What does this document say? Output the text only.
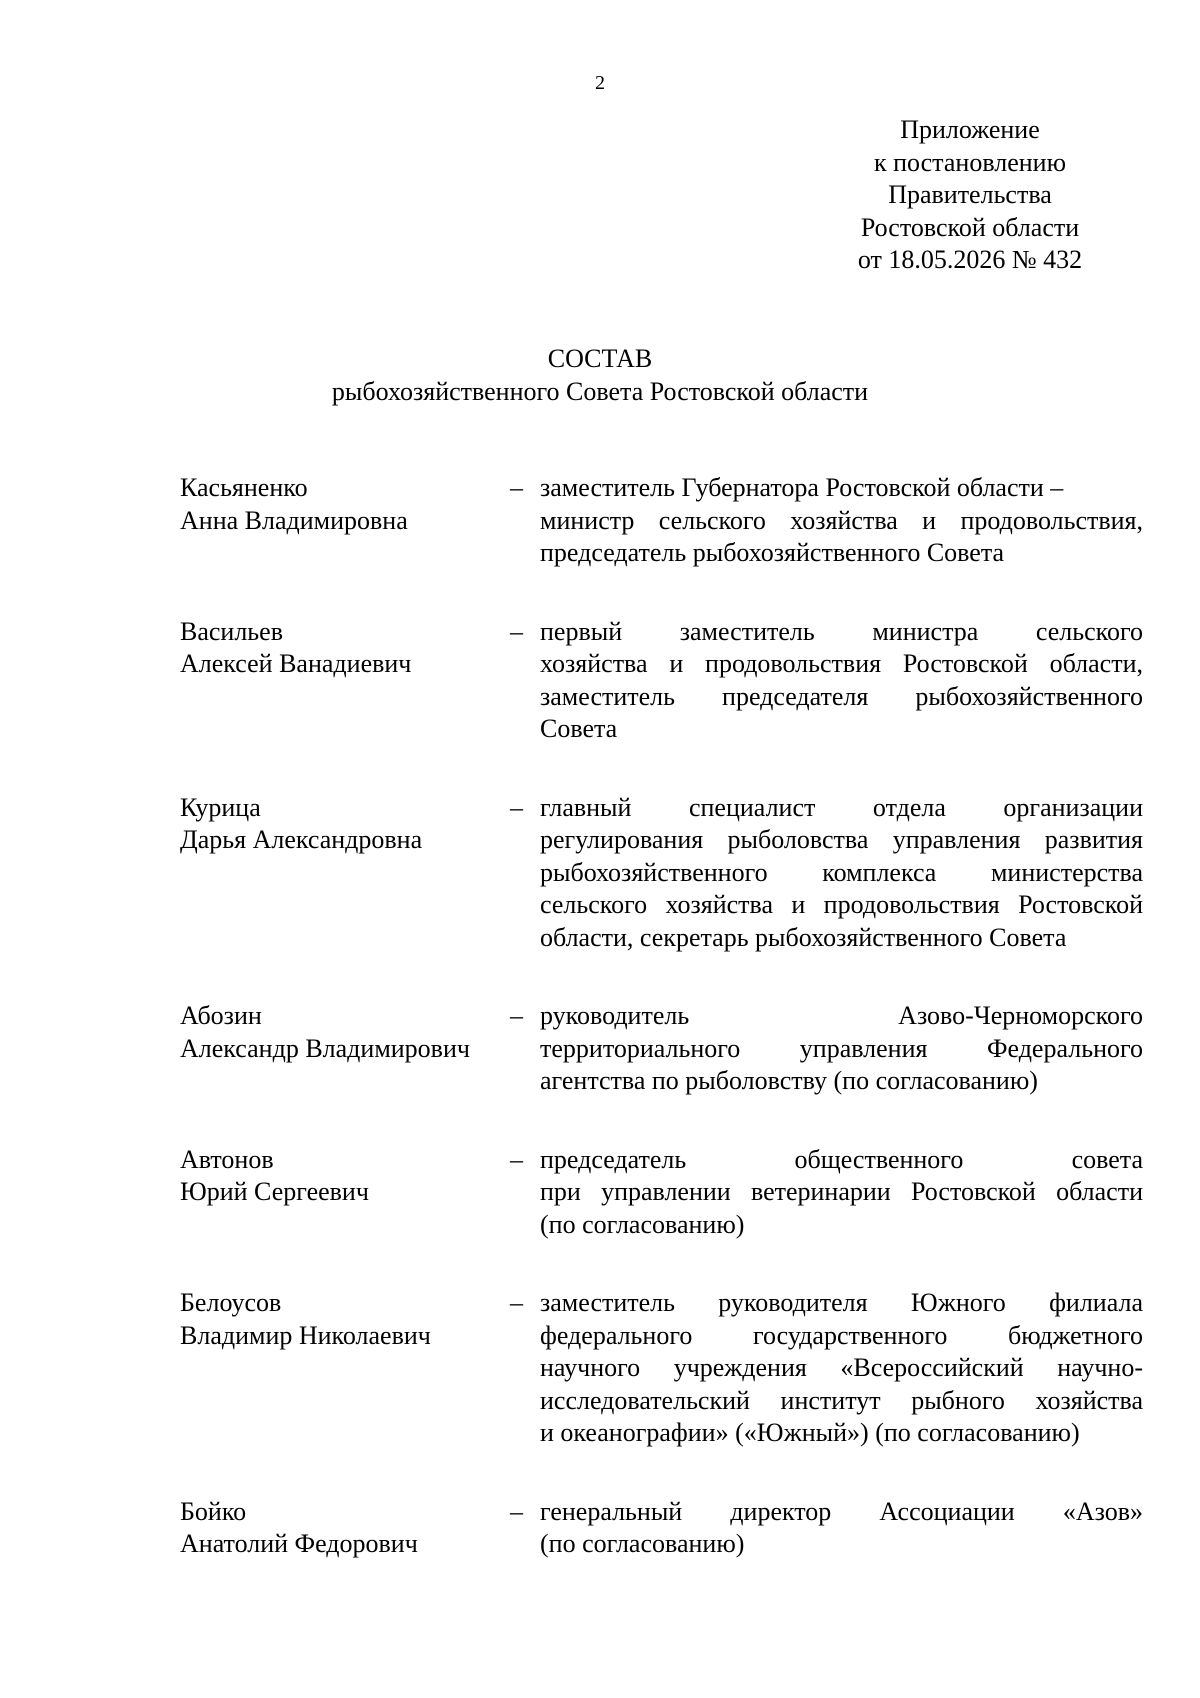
2
Приложение
к постановлению
Правительства
Ростовской области
от 18.05.2026 № 432
СОСТАВ
рыбохозяйственного Совета Ростовской области
Касьяненко
Анна Владимировна
– заместитель Губернатора Ростовской области –
министр сельского хозяйства и продовольствия,
председатель рыбохозяйственного Совета
Васильев
Алексей Ванадиевич
– первый заместитель министра сельского
хозяйства и продовольствия Ростовской области,
заместитель председателя рыбохозяйственного
Совета
Курица
Дарья Александровна
– главный специалист отдела организации
регулирования рыболовства управления развития
рыбохозяйственного комплекса министерства
сельского хозяйства и продовольствия Ростовской
области, секретарь рыбохозяйственного Совета
Абозин
Александр Владимирович
– руководитель Азово-Черноморского
территориального управления Федерального
агентства по рыболовству (по согласованию)
Автонов
Юрий Сергеевич
– председатель общественного совета
при управлении ветеринарии Ростовской области
(по согласованию)
Белоусов
Владимир Николаевич
– заместитель руководителя Южного филиала
федерального государственного бюджетного
научного учреждения «Всероссийский научно-
исследовательский институт рыбного хозяйства
и океанографии» («Южный») (по согласованию)
Бойко
Анатолий Федорович
– генеральный директор Ассоциации «Азов»
(по согласованию)
